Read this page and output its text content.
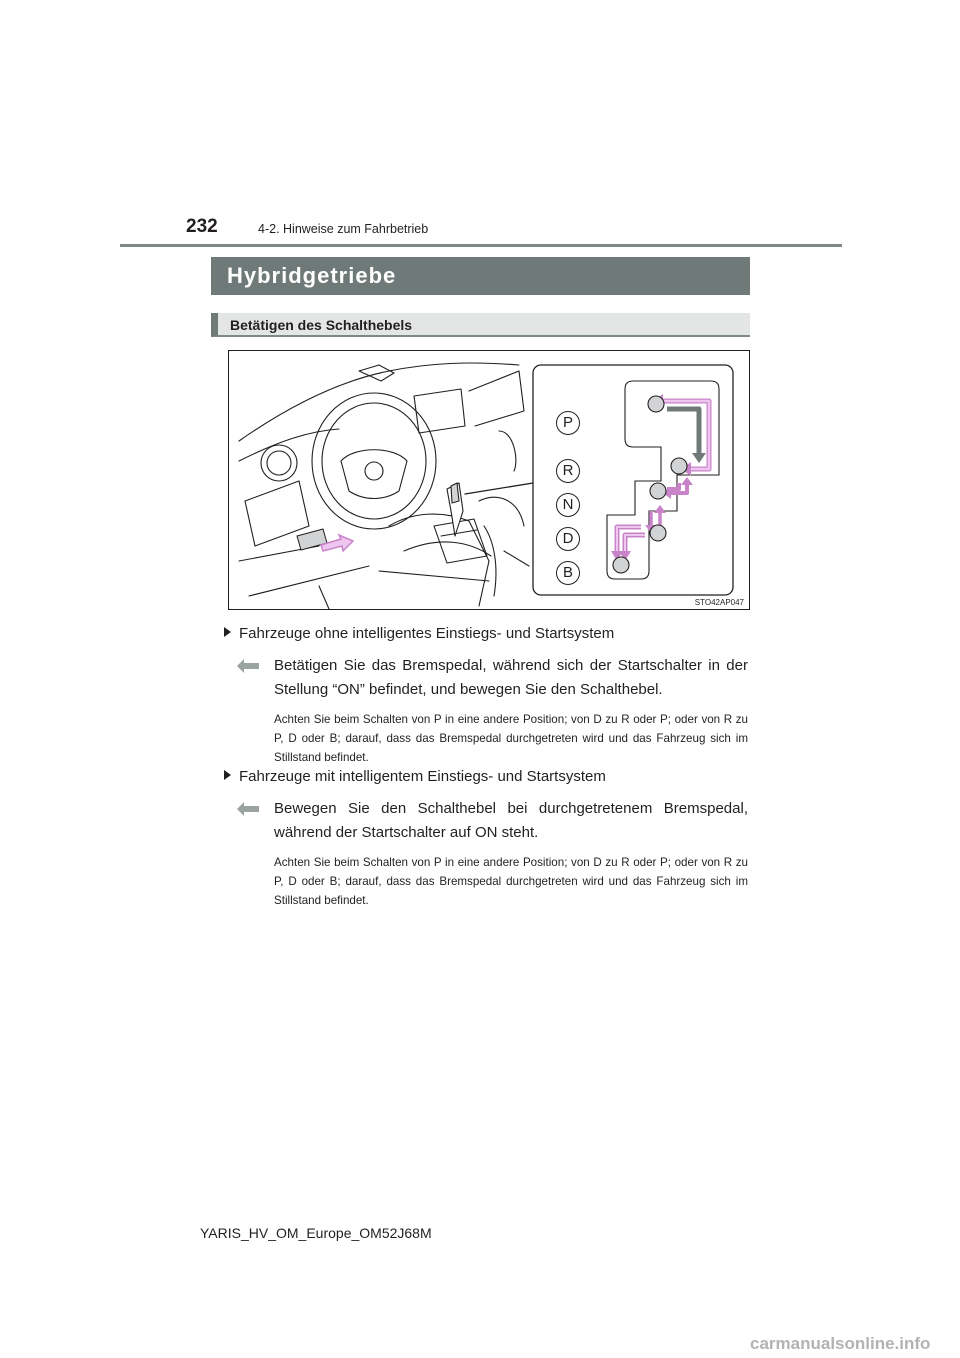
232	4-2. Hinweise zum Fahrbetrieb
Hybridgetriebe
Betätigen des Schalthebels
P
R
N
D
B
STO42AP047
Fahrzeuge ohne intelligentes Einstiegs- und Startsystem
Betätigen Sie das Bremspedal, während sich der Startschalter in der Stellung “ON” befindet, und bewegen Sie den Schalthebel.
Achten Sie beim Schalten von P in eine andere Position; von D zu R oder P; oder von R zu P, D oder B; darauf, dass das Bremspedal durchgetreten wird und das Fahrzeug sich im Stillstand befindet.
Fahrzeuge mit intelligentem Einstiegs- und Startsystem
Bewegen Sie den Schalthebel bei durchgetretenem Bremspedal, während der Startschalter auf ON steht.
Achten Sie beim Schalten von P in eine andere Position; von D zu R oder P; oder von R zu P, D oder B; darauf, dass das Bremspedal durchgetreten wird und das Fahrzeug sich im Stillstand befindet.
YARIS_HV_OM_Europe_OM52J68M
carmanualsonline.info
